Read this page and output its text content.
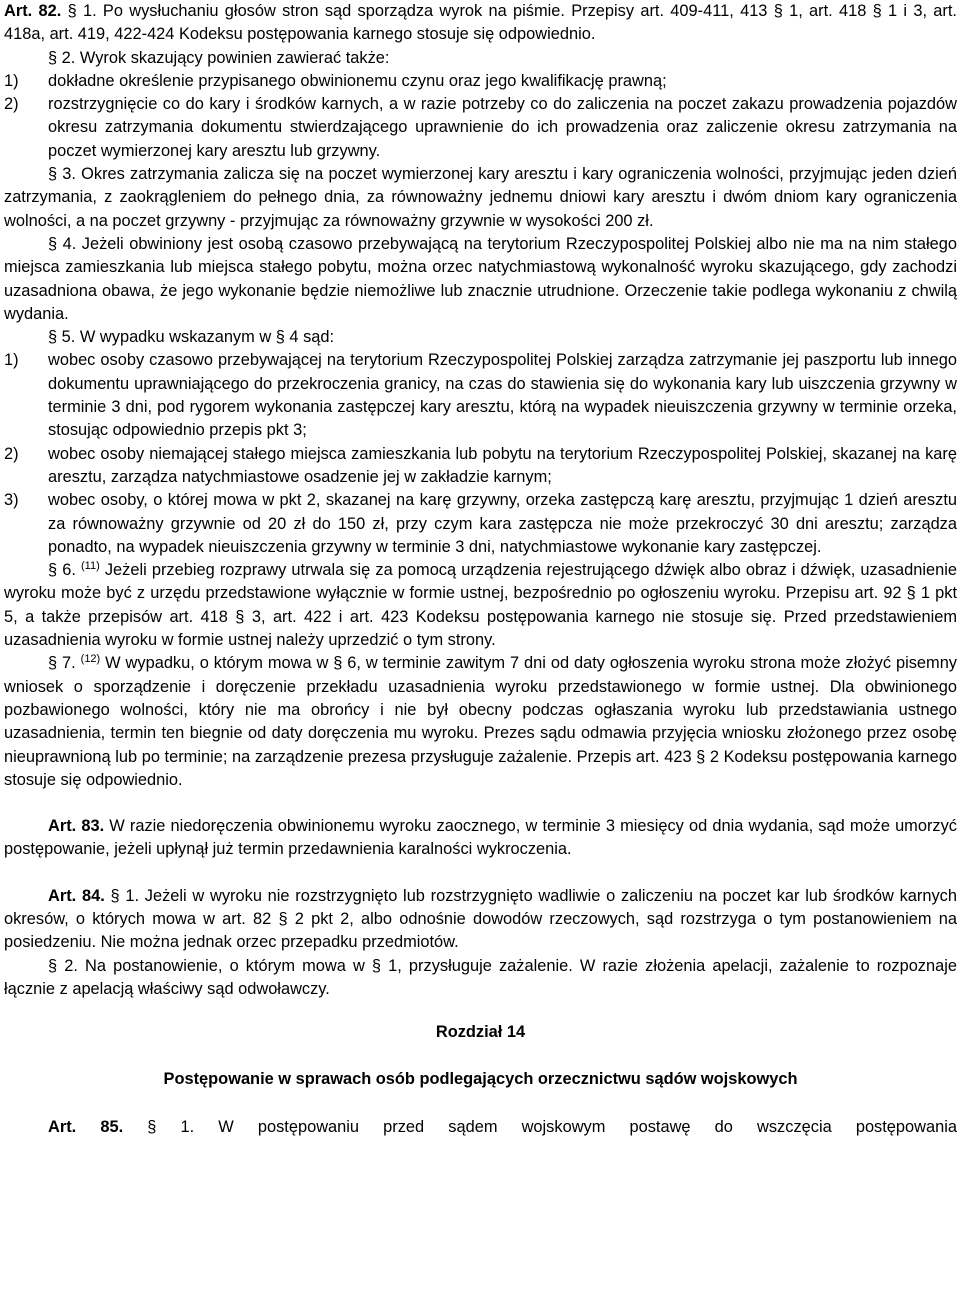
Art. 82. § 1. Po wysłuchaniu głosów stron sąd sporządza wyrok na piśmie. Przepisy art. 409-411, 413 § 1, art. 418 § 1 i 3, art. 418a, art. 419, 422-424 Kodeksu postępowania karnego stosuje się odpowiednio.

§ 2. Wyrok skazujący powinien zawierać także:

1) dokładne określenie przypisanego obwinionemu czynu oraz jego kwalifikację prawną;
2) rozstrzygnięcie co do kary i środków karnych, a w razie potrzeby co do zaliczenia na poczet zakazu prowadzenia pojazdów okresu zatrzymania dokumentu stwierdzającego uprawnienie do ich prowadzenia oraz zaliczenie okresu zatrzymania na poczet wymierzonej kary aresztu lub grzywny.

§ 3. Okres zatrzymania zalicza się na poczet wymierzonej kary aresztu i kary ograniczenia wolności, przyjmując jeden dzień zatrzymania, z zaokrągleniem do pełnego dnia, za równoważny jednemu dniowi kary aresztu i dwóm dniom kary ograniczenia wolności, a na poczet grzywny - przyjmując za równoważny grzywnie w wysokości 200 zł.

§ 4. Jeżeli obwiniony jest osobą czasowo przebywającą na terytorium Rzeczypospolitej Polskiej albo nie ma na nim stałego miejsca zamieszkania lub miejsca stałego pobytu, można orzec natychmiastową wykonalność wyroku skazującego, gdy zachodzi uzasadniona obawa, że jego wykonanie będzie niemożliwe lub znacznie utrudnione. Orzeczenie takie podlega wykonaniu z chwilą wydania.

§ 5. W wypadku wskazanym w § 4 sąd:

1) wobec osoby czasowo przebywającej na terytorium Rzeczypospolitej Polskiej zarządza zatrzymanie jej paszportu lub innego dokumentu uprawniającego do przekroczenia granicy, na czas do stawienia się do wykonania kary lub uiszczenia grzywny w terminie 3 dni, pod rygorem wykonania zastępczej kary aresztu, którą na wypadek nieuiszczenia grzywny w terminie orzeka, stosując odpowiednio przepis pkt 3;
2) wobec osoby niemającej stałego miejsca zamieszkania lub pobytu na terytorium Rzeczypospolitej Polskiej, skazanej na karę aresztu, zarządza natychmiastowe osadzenie jej w zakładzie karnym;
3) wobec osoby, o której mowa w pkt 2, skazanej na karę grzywny, orzeka zastępczą karę aresztu, przyjmując 1 dzień aresztu za równoważny grzywnie od 20 zł do 150 zł, przy czym kara zastępcza nie może przekroczyć 30 dni aresztu; zarządza ponadto, na wypadek nieuiszczenia grzywny w terminie 3 dni, natychmiastowe wykonanie kary zastępczej.

§ 6. $^{(11)}$ Jeżeli przebieg rozprawy utrwala się za pomocą urządzenia rejestrującego dźwięk albo obraz i dźwięk, uzasadnienie wyroku może być z urzędu przedstawione wyłącznie w formie ustnej, bezpośrednio po ogłoszeniu wyroku. Przepisu art. 92 § 1 pkt 5, a także przepisów art. 418 § 3, art. 422 i art. 423 Kodeksu postępowania karnego nie stosuje się. Przed przedstawieniem uzasadnienia wyroku w formie ustnej należy uprzedzić o tym strony.

§ 7. $^{(12)}$ W wypadku, o którym mowa w § 6, w terminie zawitym 7 dni od daty ogłoszenia wyroku strona może złożyć pisemny wniosek o sporządzenie i doręczenie przekładu uzasadnienia wyroku przedstawionego w formie ustnej. Dla obwinionego pozbawionego wolności, który nie ma obrońcy i nie był obecny podczas ogłaszania wyroku lub przedstawiania ustnego uzasadnienia, termin ten biegnie od daty doręczenia mu wyroku. Prezes sądu odmawia przyjęcia wniosku złożonego przez osobę nieuprawnioną lub po terminie; na zarządzenie prezesa przysługuje zażalenie. Przepis art. 423 § 2 Kodeksu postępowania karnego stosuje się odpowiednio.

Art. 83. W razie niedoręczenia obwinionemu wyroku zaocznego, w terminie 3 miesięcy od dnia wydania, sąd może umorzyć postępowanie, jeżeli upłynął już termin przedawnienia karalności wykroczenia.

Art. 84. § 1. Jeżeli w wyroku nie rozstrzygnięto lub rozstrzygnięto wadliwie o zaliczeniu na poczet kar lub środków karnych okresów, o których mowa w art. 82 § 2 pkt 2, albo odnośnie dowodów rzeczowych, sąd rozstrzyga o tym postanowieniem na posiedzeniu. Nie można jednak orzec przepadku przedmiotów.

§ 2. Na postanowienie, o którym mowa w § 1, przysługuje zażalenie. W razie złożenia apelacji, zażalenie to rozpoznaje łącznie z apelacją właściwy sąd odwoławczy.

Rozdział 14
Postępowanie w sprawach osób podlegających orzecznictwu sądów wojskowych

Art. 85. § 1. W postępowaniu przed sądem wojskowym postawę do wszczęcia postępowania
